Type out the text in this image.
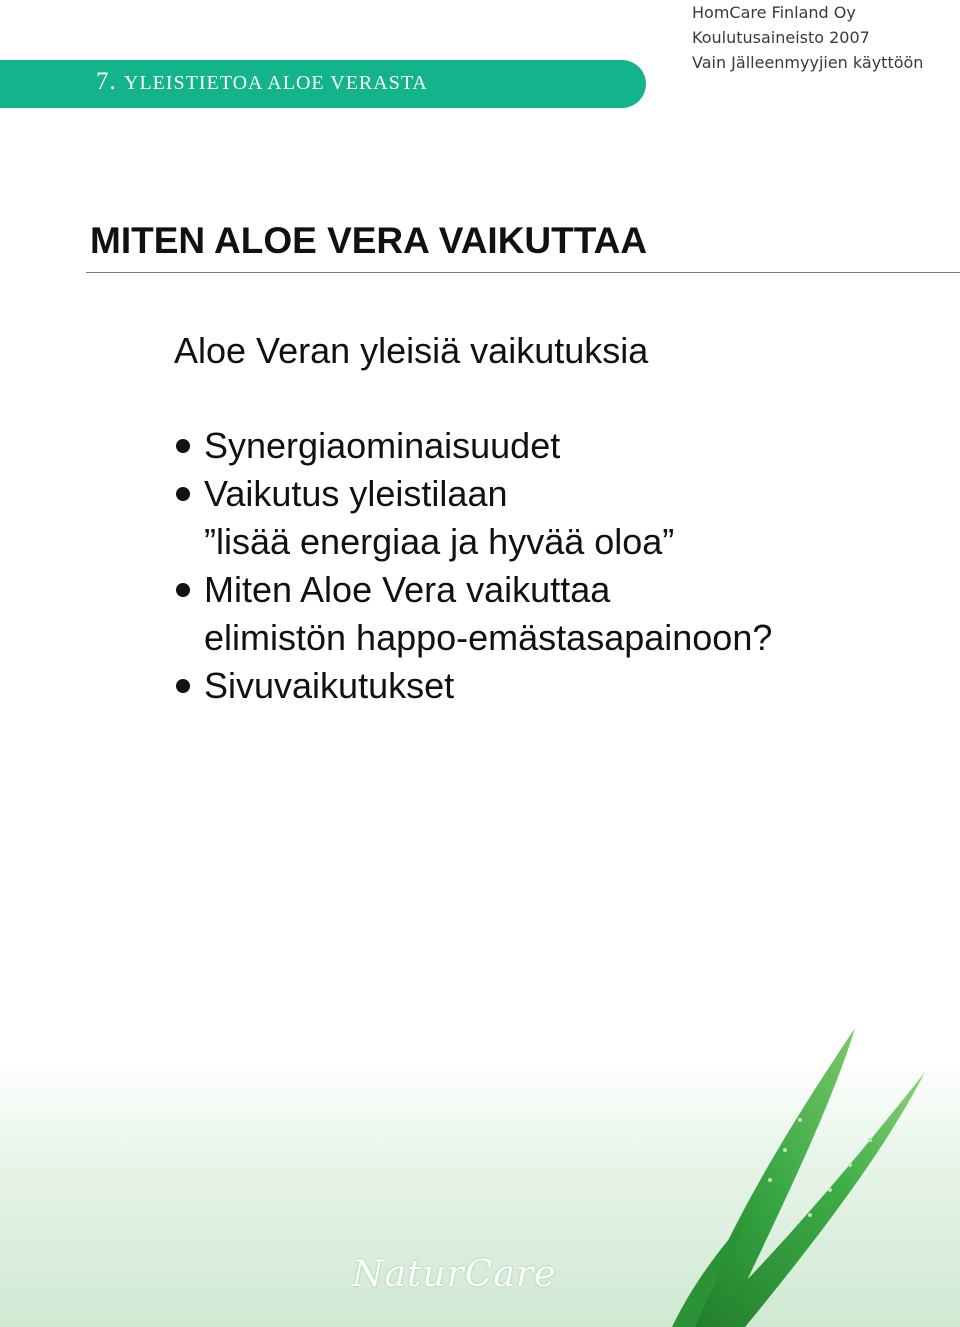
7. YLEISTIETOA ALOE VERASTA
HomCare Finland Oy
Koulutusaineisto 2007
Vain Jälleenmyyjien käyttöön
MITEN ALOE VERA VAIKUTTAA
Aloe Veran yleisiä vaikutuksia
Synergiaominaisuudet
Vaikutus yleistilaan
”lisää energiaa ja hyvää oloa”
Miten Aloe Vera vaikuttaa
elimistön happo-emästasapainoon?
Sivuvaikutukset
NaturCare
